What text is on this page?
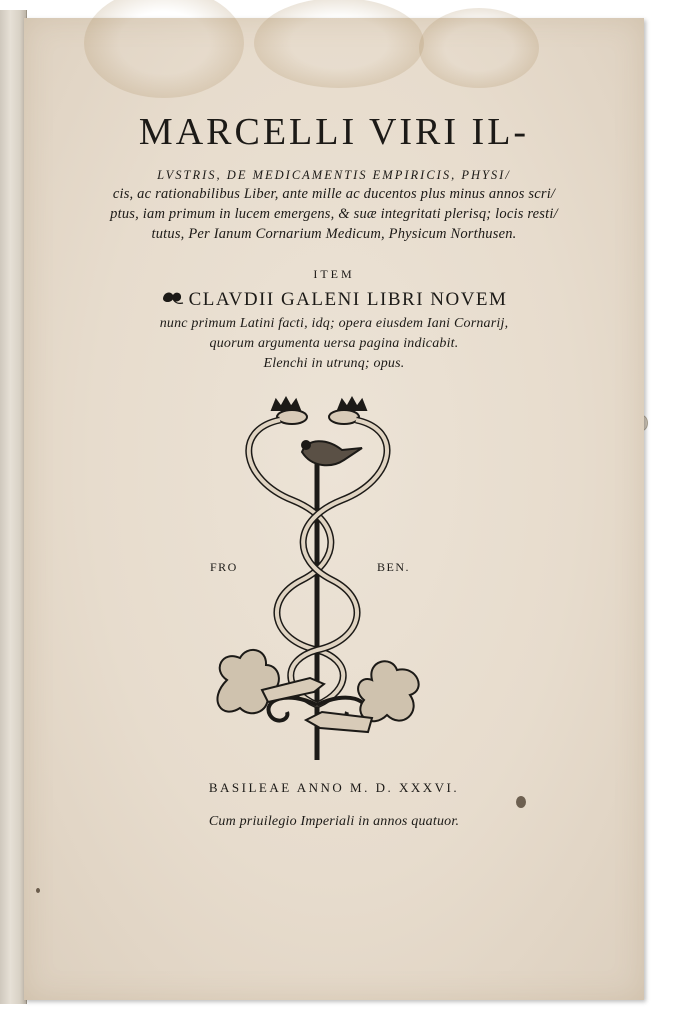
MARCELLI VIRI IL-
LVSTRIS, DE MEDICAMENTIS EMPIRICIS, PHYSI/
cis, ac rationabilibus Liber, ante mille ac ducentos plus minus annos scri/
ptus, iam primum in lucem emergens, & suæ integritati plerisq; locis resti/
tutus, Per Ianum Cornarium Medicum, Physicum Northusen.
ITEM
CLAVDII GALENI LIBRI NOVEM
nunc primum Latini facti, idq; opera eiusdem Iani Cornarij,
quorum argumenta uersa pagina indicabit.
Elenchi in utrunq; opus.
FRO	BEN.
BASILEAE ANNO M. D. XXXVI.
Cum priuilegio Imperiali in annos quatuor.
